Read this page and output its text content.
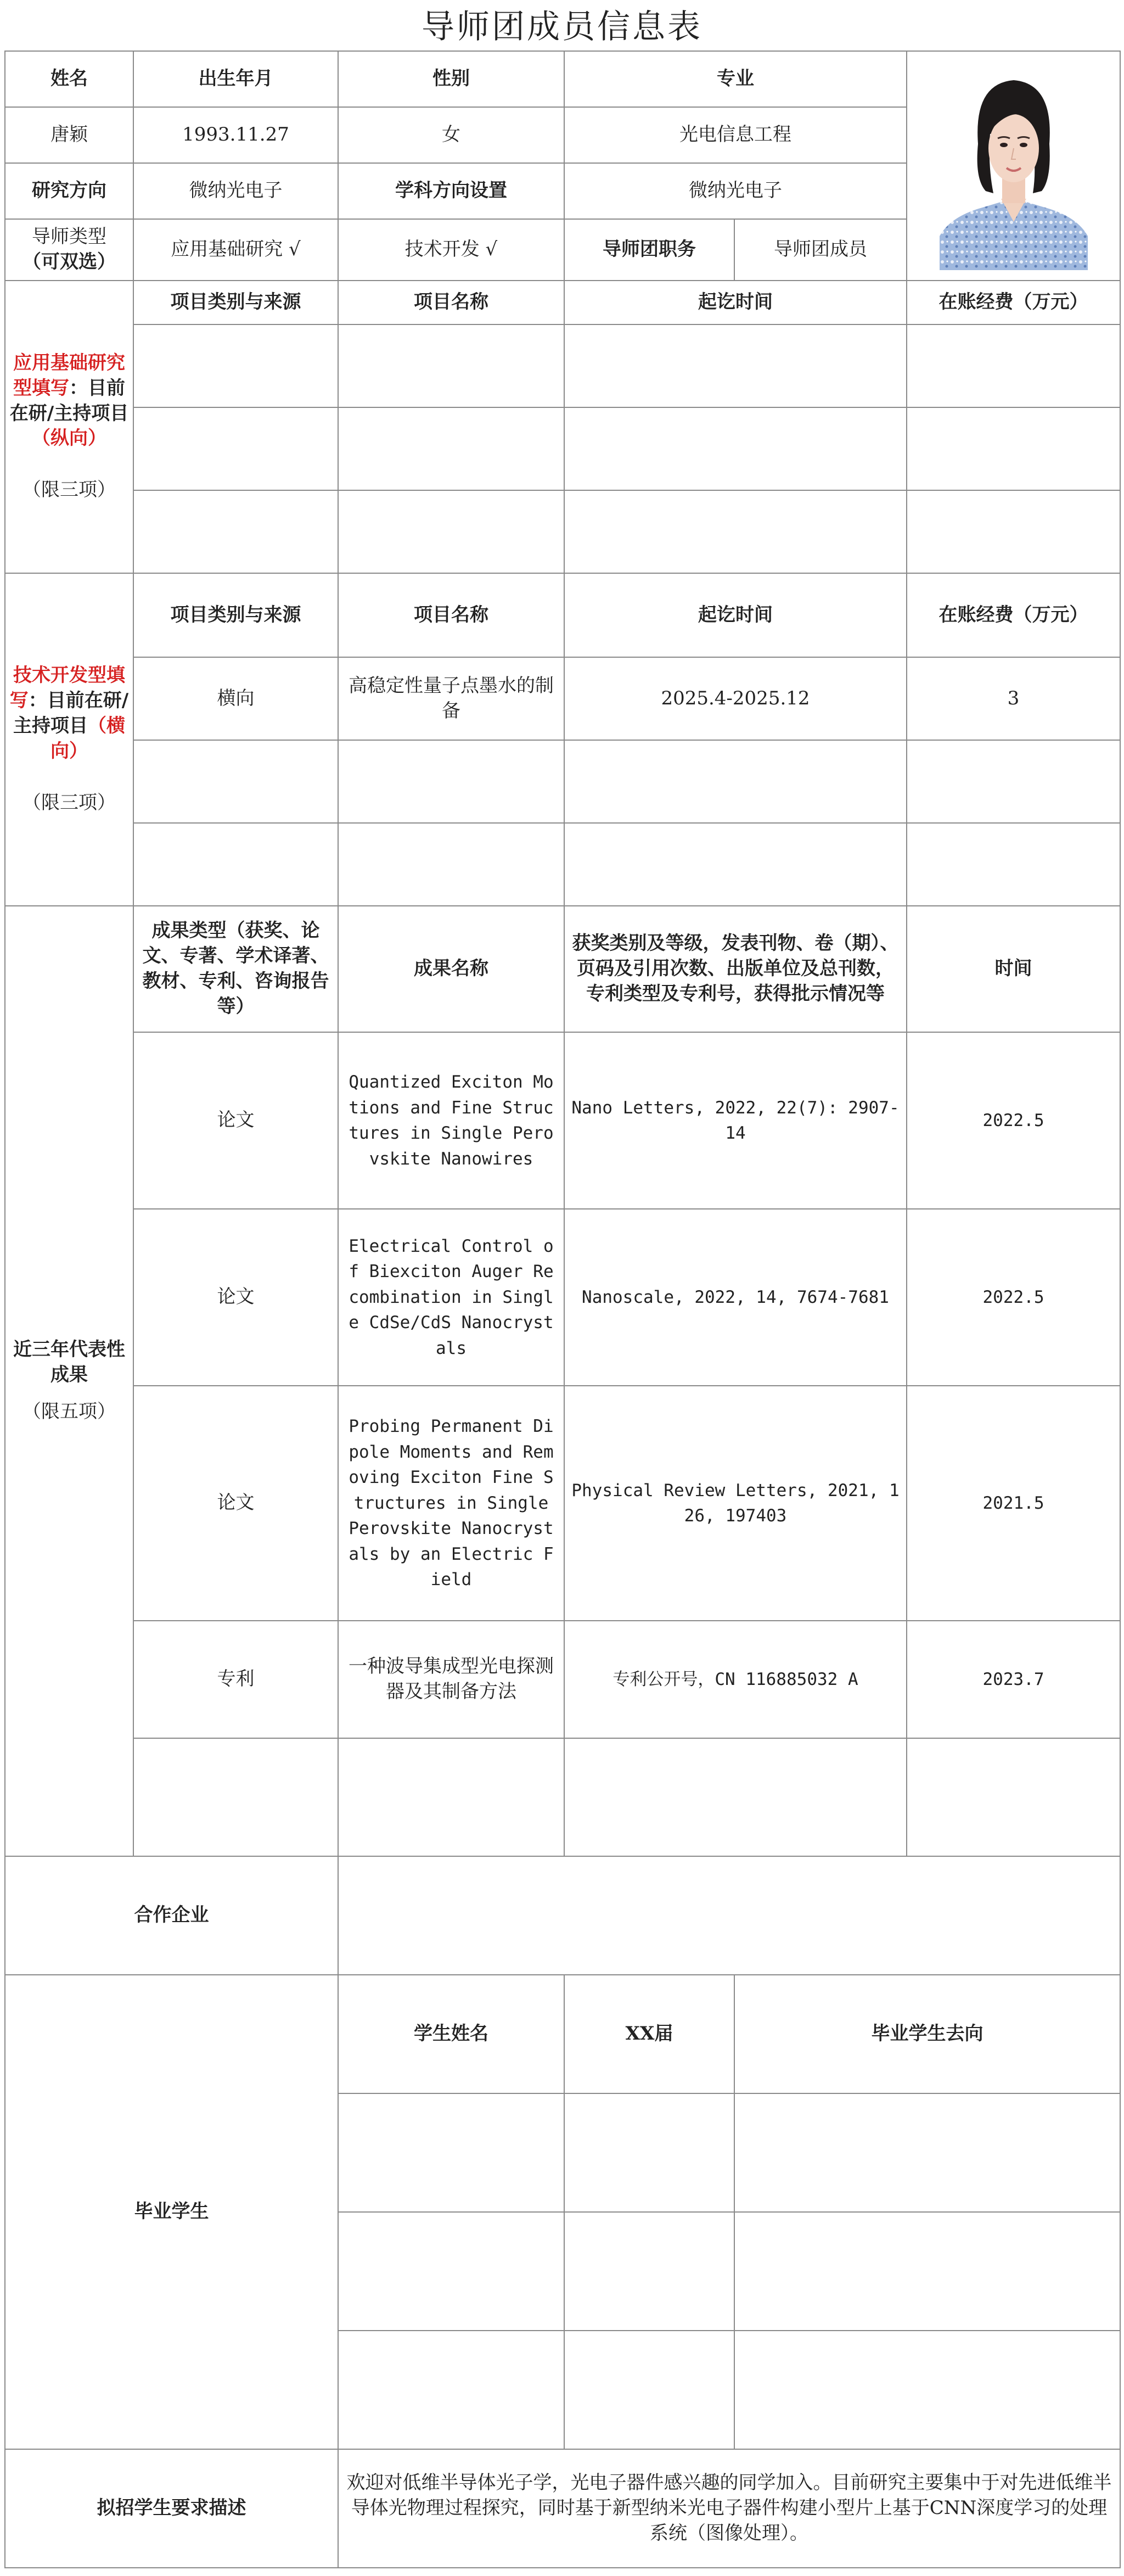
导师团成员信息表
姓名	出生年月	性别	专业	

唐颖	1993.11.27	女	光电信息工程		
研究方向	微纳光电子	学科方向设置	微纳光电子		
导师类型
（可双选）	应用基础研究 √	技术开发 √	导师团职务	导师团成员	

应用基础研究型填写：目前在研/主持项目（纵向）

（限三项）	项目类别与来源	项目名称	起讫时间		在账经费（万元）

技术开发型填写：目前在研/主持项目（横向）

（限三项）	项目类别与来源	项目名称	起讫时间		在账经费（万元）
	横向	高稳定性量子点墨水的制备	2025.4-2025.12		3

近三年代表性成果

（限五项）	成果类型（获奖、论文、专著、学术译著、教材、专利、咨询报告等）	成果名称	获奖类别及等级，发表刊物、卷（期）、页码及引用次数、出版单位及总刊数，专利类型及专利号，获得批示情况等		时间
	论文	Quantized Exciton Motions and Fine Structures in Single Perovskite Nanowires	Nano Letters, 2022, 22(7): 2907-14		2022.5
	论文	Electrical Control of Biexciton Auger Recombination in Single CdSe/CdS Nanocrystals	Nanoscale, 2022, 14, 7674-7681		2022.5
	论文	Probing Permanent Dipole Moments and Removing Exciton Fine Structures in Single Perovskite Nanocrystals by an Electric Field	Physical Review Letters, 2021, 126, 197403		2021.5
	专利	一种波导集成型光电探测器及其制备方法	专利公开号，CN 116885032 A		2023.7

合作企业					
毕业学生		学生姓名	XX届	毕业学生去向	

拟招学生要求描述		欢迎对低维半导体光子学，光电子器件感兴趣的同学加入。目前研究主要集中于对先进低维半导体光物理过程探究，同时基于新型纳米光电子器件构建小型片上基于CNN深度学习的处理系统（图像处理）。			
